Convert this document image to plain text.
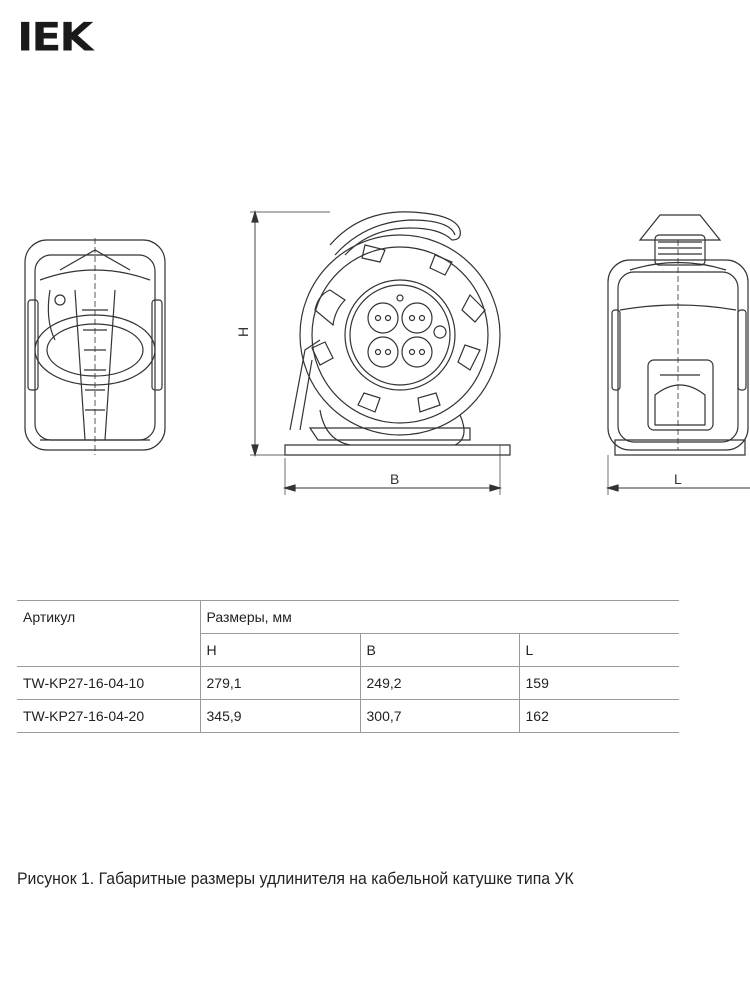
IEK
H
B	L
Артикул	Размеры, мм		
	H	B	L
TW-KP27-16-04-10	279,1	249,2	159
TW-KP27-16-04-20	345,9	300,7	162
Рисунок 1. Габаритные размеры удлинителя на кабельной катушке типа УК
